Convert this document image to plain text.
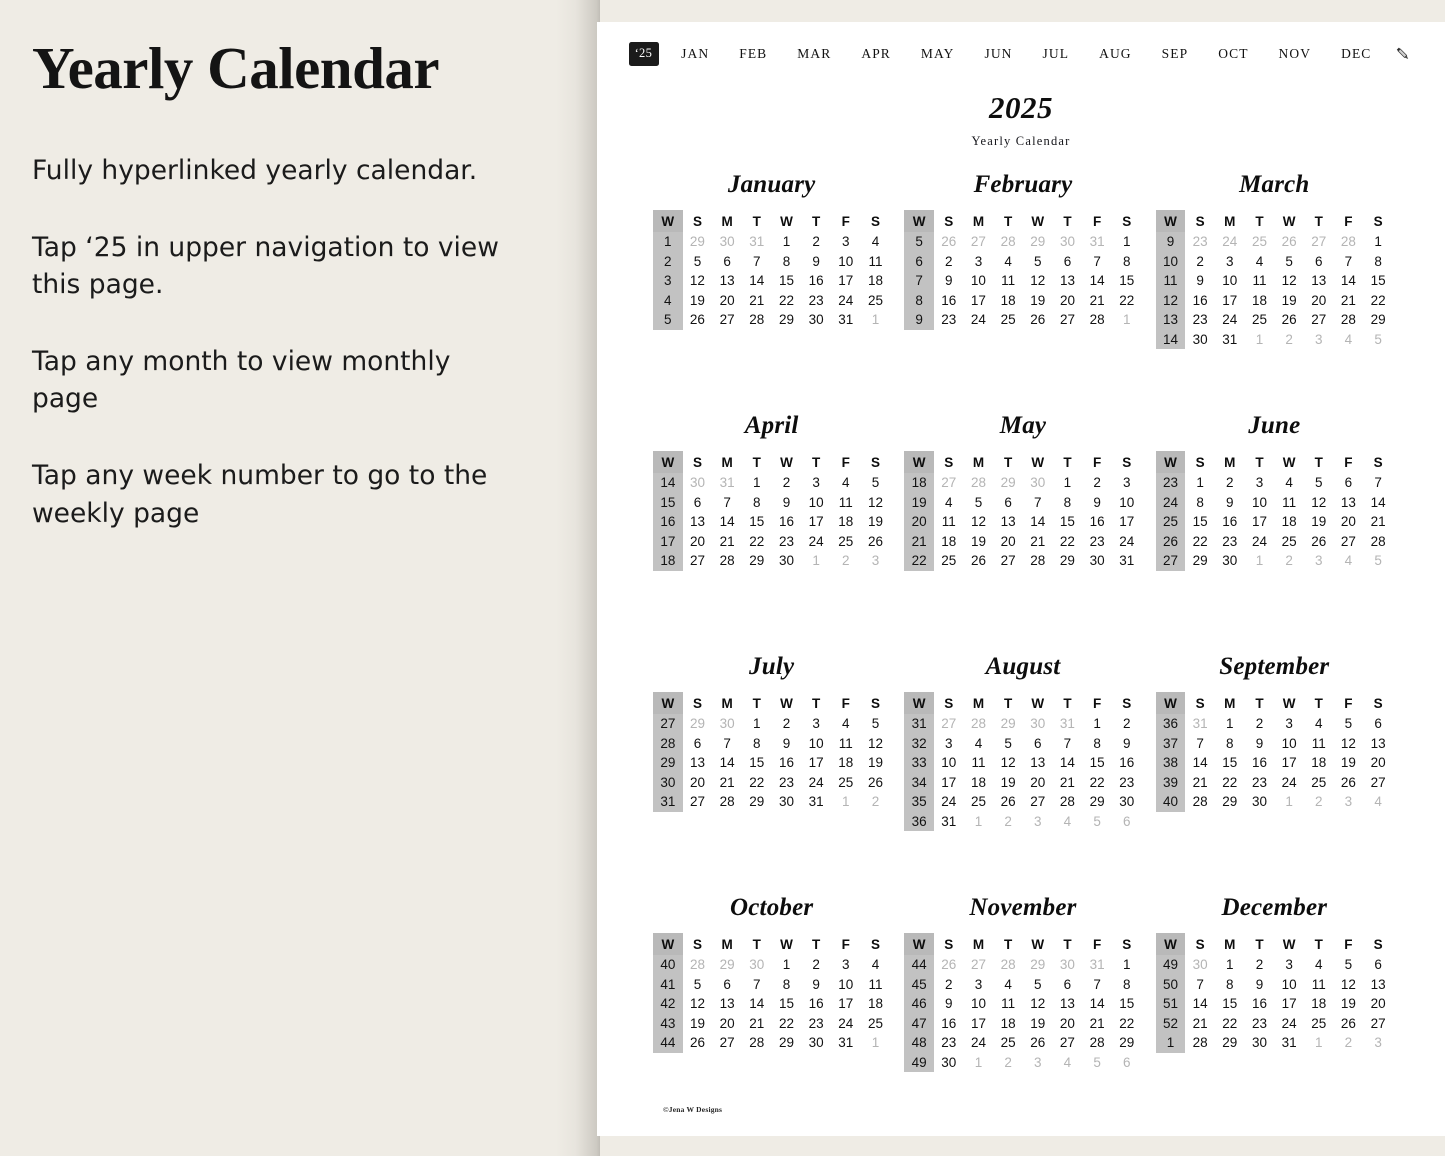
Yearly Calendar

Fully hyperlinked yearly calendar.

Tap ‘25 in upper navigation to view this page.

Tap any month to view monthly page

Tap any week number to go to the weekly page

‘25	JAN FEB MAR APR MAY JUN JUL AUG SEP OCT NOV DEC
2025
Yearly Calendar
January
W	S	M	T	W	T	F	S
1	29	30	31	1	2	3	4
2	5	6	7	8	9	10	11
3	12	13	14	15	16	17	18
4	19	20	21	22	23	24	25
5	26	27	28	29	30	31	1
February
W	S	M	T	W	T	F	S
5	26	27	28	29	30	31	1
6	2	3	4	5	6	7	8
7	9	10	11	12	13	14	15
8	16	17	18	19	20	21	22
9	23	24	25	26	27	28	1
March
W	S	M	T	W	T	F	S
9	23	24	25	26	27	28	1
10	2	3	4	5	6	7	8
11	9	10	11	12	13	14	15
12	16	17	18	19	20	21	22
13	23	24	25	26	27	28	29
14	30	31	1	2	3	4	5
April
W	S	M	T	W	T	F	S
14	30	31	1	2	3	4	5
15	6	7	8	9	10	11	12
16	13	14	15	16	17	18	19
17	20	21	22	23	24	25	26
18	27	28	29	30	1	2	3
May
W	S	M	T	W	T	F	S
18	27	28	29	30	1	2	3
19	4	5	6	7	8	9	10
20	11	12	13	14	15	16	17
21	18	19	20	21	22	23	24
22	25	26	27	28	29	30	31
June
W	S	M	T	W	T	F	S
23	1	2	3	4	5	6	7
24	8	9	10	11	12	13	14
25	15	16	17	18	19	20	21
26	22	23	24	25	26	27	28
27	29	30	1	2	3	4	5
July
W	S	M	T	W	T	F	S
27	29	30	1	2	3	4	5
28	6	7	8	9	10	11	12
29	13	14	15	16	17	18	19
30	20	21	22	23	24	25	26
31	27	28	29	30	31	1	2
August
W	S	M	T	W	T	F	S
31	27	28	29	30	31	1	2
32	3	4	5	6	7	8	9
33	10	11	12	13	14	15	16
34	17	18	19	20	21	22	23
35	24	25	26	27	28	29	30
36	31	1	2	3	4	5	6
September
W	S	M	T	W	T	F	S
36	31	1	2	3	4	5	6
37	7	8	9	10	11	12	13
38	14	15	16	17	18	19	20
39	21	22	23	24	25	26	27
40	28	29	30	1	2	3	4
October
W	S	M	T	W	T	F	S
40	28	29	30	1	2	3	4
41	5	6	7	8	9	10	11
42	12	13	14	15	16	17	18
43	19	20	21	22	23	24	25
44	26	27	28	29	30	31	1
November
W	S	M	T	W	T	F	S
44	26	27	28	29	30	31	1
45	2	3	4	5	6	7	8
46	9	10	11	12	13	14	15
47	16	17	18	19	20	21	22
48	23	24	25	26	27	28	29
49	30	1	2	3	4	5	6
December
W	S	M	T	W	T	F	S
49	30	1	2	3	4	5	6
50	7	8	9	10	11	12	13
51	14	15	16	17	18	19	20
52	21	22	23	24	25	26	27
1	28	29	30	31	1	2	3
©Jena W Designs
